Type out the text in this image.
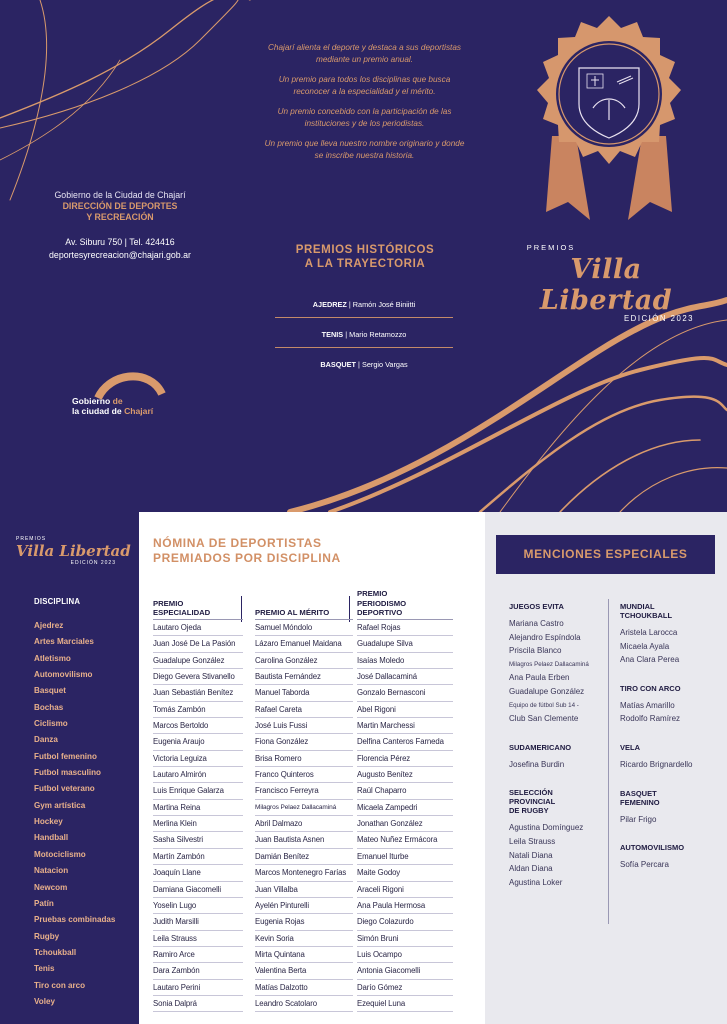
Chajarí alienta el deporte y destaca a sus deportistas mediante un premio anual.

Un premio para todos los disciplinas que busca reconocer a la especialidad y el mérito.

Un premio concebido con la participación de las instituciones y de los periodistas.

Un premio que lleva nuestro nombre originario y donde se inscribe nuestra historia.

Gobierno de la Ciudad de Chajarí
DIRECCIÓN DE DEPORTES
Y RECREACIÓN
Av. Siburu 750 | Tel. 424416
deportesyrecreacion@chajari.gob.ar	PREMIOS HISTÓRICOS
A LA TRAYECTORIA
AJEDREZ | Ramón José Biniitti
TENIS | Mario Retamozzo
BASQUET | Sergio Vargas
Gobierno de
la ciudad de Chajarí
PREMIOS
Villa Libertad
EDICIÓN 2023
PREMIOS
Villa Libertad
EDICIÓN 2023
DISCIPLINA
Ajedrez
Artes Marciales
Atletismo
Automovilismo
Basquet
Bochas
Ciclismo
Danza
Futbol femenino
Futbol masculino
Futbol veterano
Gym artística
Hockey
Handball
Motociclismo
Natacion
Newcom
Patín
Pruebas combinadas
Rugby
Tchoukball
Tenis
Tiro con arco
Voley
NÓMINA DE DEPORTISTAS
PREMIADOS POR DISCIPLINA
PREMIO
ESPECIALIDAD
Lautaro Ojeda
Juan José De La Pasión
Guadalupe González
Diego Gevera Stivanello
Juan Sebastián Benítez
Tomás Zambón
Marcos Bertoldo
Eugenia Araujo
Victoria Leguiza
Lautaro Almirón
Luis Enrique Galarza
Martina Reina
Merlina Klein
Sasha Silvestri
Martín Zambón
Joaquín Llane
Damiana Giacomelli
Yoselin Lugo
Judith Marsilli
Leila Strauss
Ramiro Arce
Dara Zambón
Lautaro Perini
Sonia Dalprá
PREMIO AL MÉRITO
Samuel Móndolo
Lázaro Emanuel Maidana
Carolina González
Bautista Fernández
Manuel Taborda
Rafael Careta
José Luis Fussi
Fiona González
Brisa Romero
Franco Quinteros
Francisco Ferreyra
Milagros Pelaez Dallacaminá
Abril Dalmazo
Juan Bautista Asnen
Damián Benítez
Marcos Montenegro Farías
Juan Villalba
Ayelén Pinturelli
Eugenia Rojas
Kevin Soria
Mirta Quintana
Valentina Berta
Matías Dalzotto
Leandro Scatolaro
PREMIO
PERIODISMO DEPORTIVO
Rafael Rojas
Guadalupe Silva
Isaías Moledo
José Dallacaminá
Gonzalo Bernasconi
Abel Rigoni
Martin Marchessi
Delfina Canteros Farneda
Florencia Pérez
Augusto Benítez
Raúl Chaparro
Micaela Zampedri
Jonathan González
Mateo Nuñez Ermácora
Emanuel Iturbe
Maite Godoy
Araceli Rigoni
Ana Paula Hermosa
Diego Colazurdo
Simón Bruni
Luis Ocampo
Antonia Giacomelli
Darío Gómez
Ezequiel Luna
MENCIONES ESPECIALES
JUEGOS EVITA
Mariana Castro
Alejandro Espíndola
Priscila Blanco
Milagros Pelaez Dallacaminá
Ana Paula Erben
Guadalupe González
Equipo de fútbol Sub 14 -
Club San Clemente
SUDAMERICANO
Josefina Burdin
SELECCIÓN
PROVINCIAL
DE RUGBY
Agustina Domínguez
Leila Strauss
Natali Diana
Aldan Diana
Agustina Loker
MUNDIAL
TCHOUKBALL
Aristela Larocca
Micaela Ayala
Ana Clara Perea
TIRO CON ARCO
Matías Amarillo
Rodolfo Ramírez
VELA
Ricardo Brignardello
BASQUET
FEMENINO
Pilar Frigo
AUTOMOVILISMO
Sofía Percara
